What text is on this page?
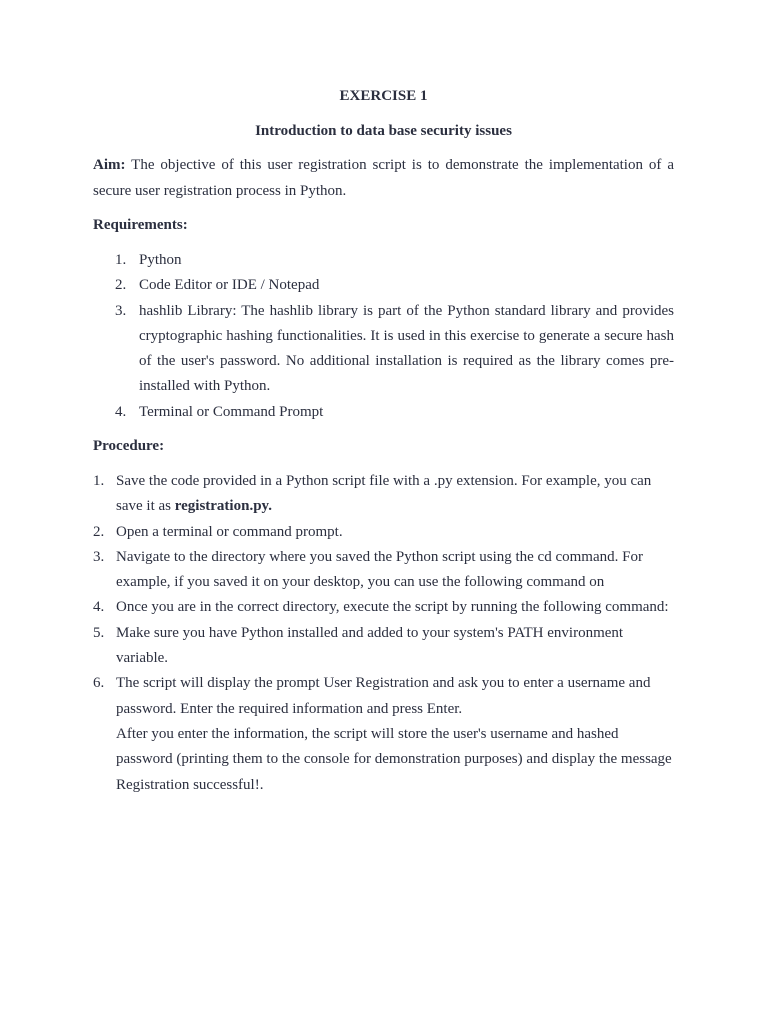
EXERCISE 1

Introduction to data base security issues

Aim: The objective of this user registration script is to demonstrate the implementation of a secure user registration process in Python.

Requirements:

1. Python
2. Code Editor or IDE / Notepad
3. hashlib Library: The hashlib library is part of the Python standard library and provides cryptographic hashing functionalities. It is used in this exercise to generate a secure hash of the user's password. No additional installation is required as the library comes pre-installed with Python.
4. Terminal or Command Prompt

Procedure:

1. Save the code provided in a Python script file with a .py extension. For example, you can save it as registration.py.
2. Open a terminal or command prompt.
3. Navigate to the directory where you saved the Python script using the cd command. For example, if you saved it on your desktop, you can use the following command on
4. Once you are in the correct directory, execute the script by running the following command:
5. Make sure you have Python installed and added to your system's PATH environment variable.
6. The script will display the prompt User Registration and ask you to enter a username and password. Enter the required information and press Enter.
After you enter the information, the script will store the user's username and hashed password (printing them to the console for demonstration purposes) and display the message Registration successful!.
